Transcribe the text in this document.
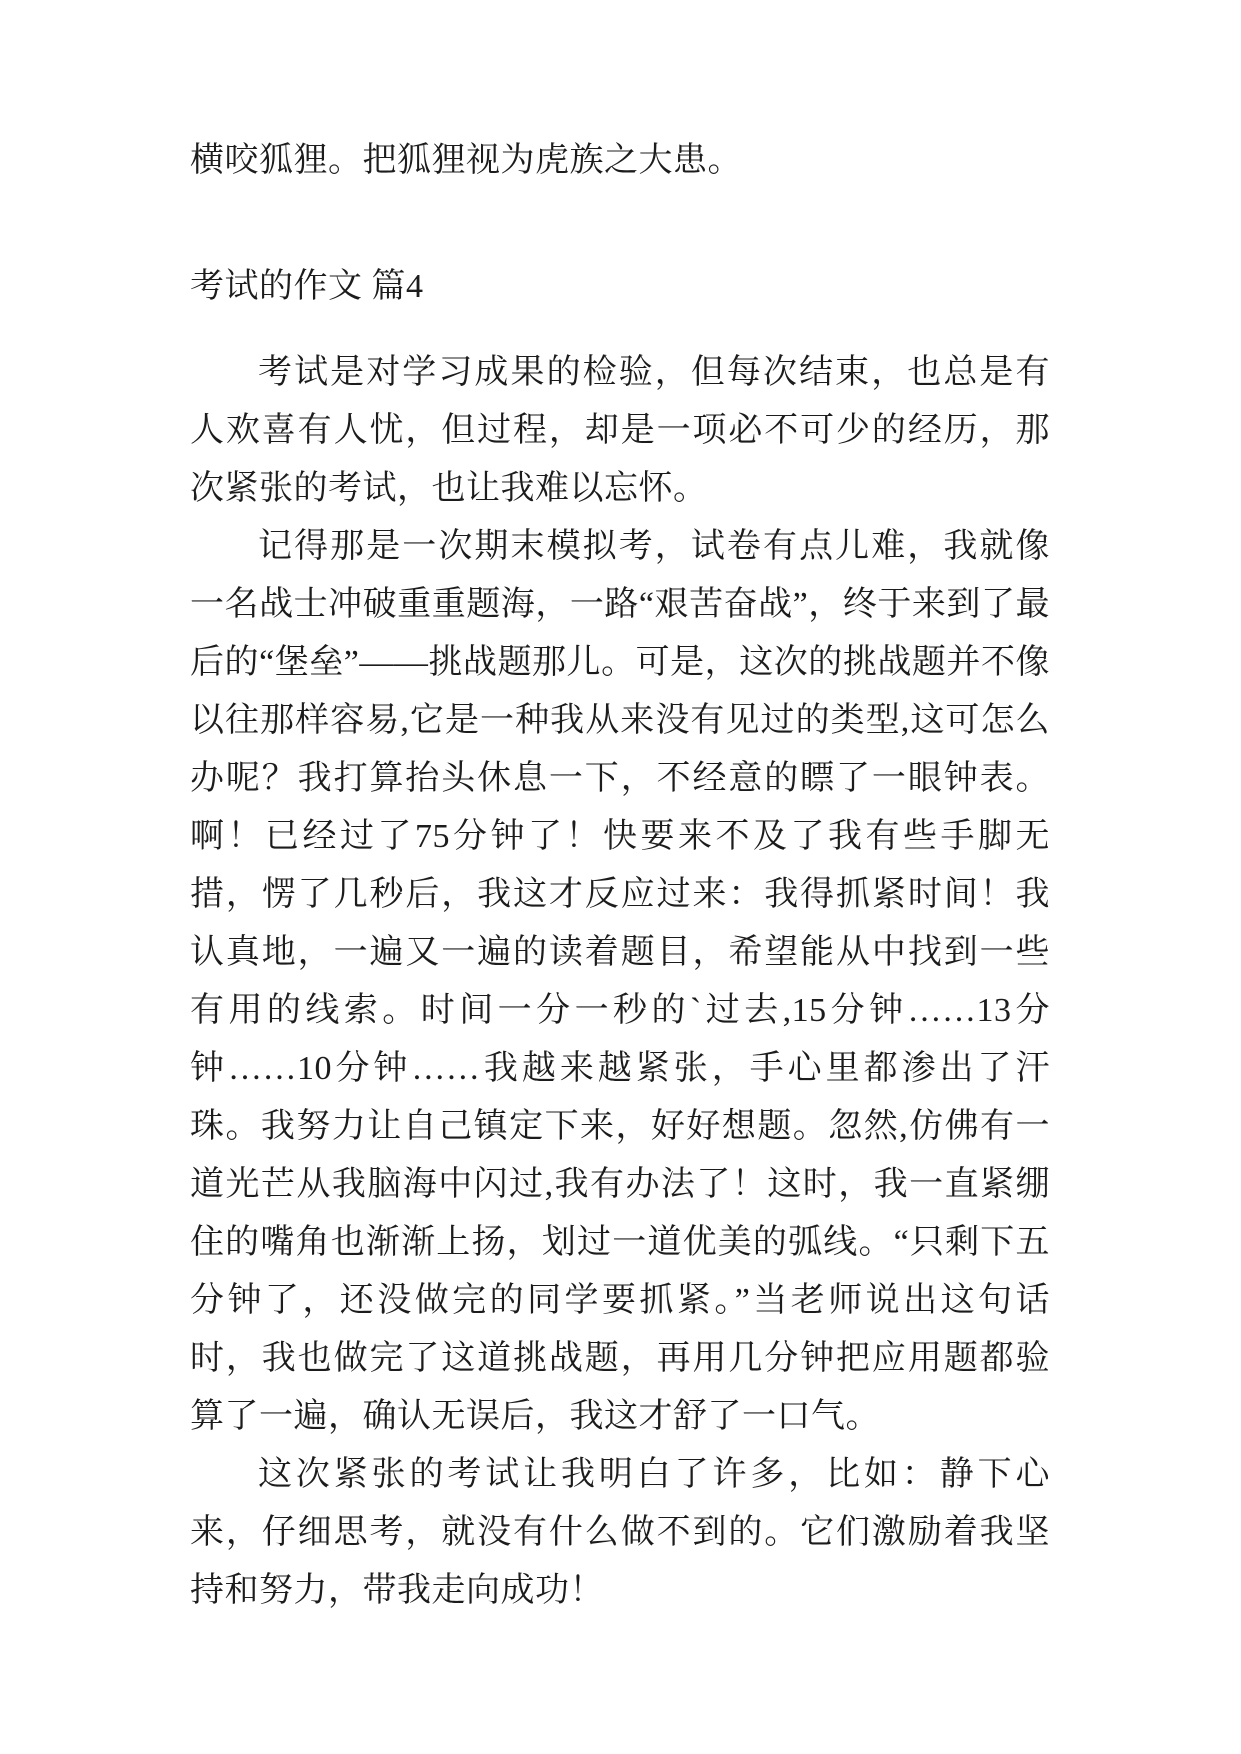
横咬狐狸。把狐狸视为虎族之大患。

考试的作文 篇4

考试是对学习成果的检验，但每次结束，也总是有人欢喜有人忧，但过程，却是一项必不可少的经历，那次紧张的考试，也让我难以忘怀。

记得那是一次期末模拟考，试卷有点儿难，我就像一名战士冲破重重题海，一路“艰苦奋战”，终于来到了最后的“堡垒”——挑战题那儿。可是，这次的挑战题并不像以往那样容易,它是一种我从来没有见过的类型,这可怎么办呢？我打算抬头休息一下，不经意的瞟了一眼钟表。啊！已经过了75分钟了！快要来不及了我有些手脚无措，愣了几秒后，我这才反应过来：我得抓紧时间！我认真地，一遍又一遍的读着题目，希望能从中找到一些有用的线索。时间一分一秒的`过去,15分钟……13分钟……10分钟……我越来越紧张，手心里都渗出了汗珠。我努力让自己镇定下来，好好想题。忽然,仿佛有一道光芒从我脑海中闪过,我有办法了！这时，我一直紧绷住的嘴角也渐渐上扬，划过一道优美的弧线。“只剩下五分钟了，还没做完的同学要抓紧。”当老师说出这句话时，我也做完了这道挑战题，再用几分钟把应用题都验算了一遍，确认无误后，我这才舒了一口气。

这次紧张的考试让我明白了许多，比如：静下心来，仔细思考，就没有什么做不到的。它们激励着我坚持和努力，带我走向成功！
